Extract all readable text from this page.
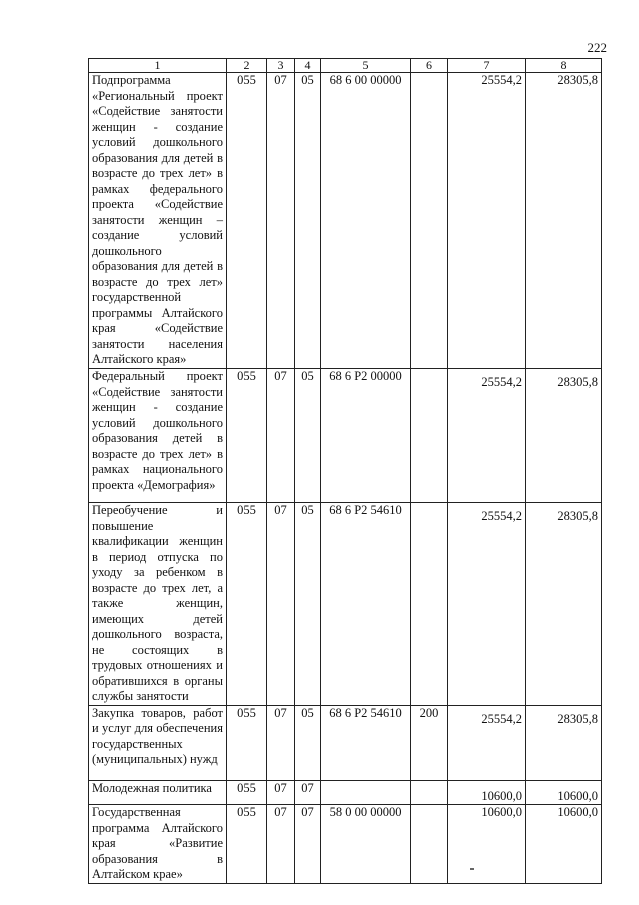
222
1	2	3	4	5	6	7	8
Подпрограмма «Региональный проект «Содействие занятости женщин - создание условий дошкольного образования для детей в возрасте до трех лет» в рамках федерального проекта «Содействие занятости женщин – создание условий дошкольного образования для детей в возрасте до трех лет» государственной программы Алтайского края «Содействие занятости населения Алтайского края»	055	07	05	68 6 00 00000		25554,2	28305,8
Федеральный проект «Содействие занятости женщин - создание условий дошкольного образования детей в возрасте до трех лет» в рамках национального проекта «Демография»	055	07	05	68 6 P2 00000		25554,2	28305,8
Переобучение и повышение квалификации женщин в период отпуска по уходу за ребенком в возрасте до трех лет, а также женщин, имеющих детей дошкольного возраста, не состоящих в трудовых отношениях и обратившихся в органы службы занятости	055	07	05	68 6 P2 54610		25554,2	28305,8
Закупка товаров, работ и услуг для обеспечения государственных (муниципальных) нужд	055	07	05	68 6 P2 54610	200	25554,2	28305,8
Молодежная политика	055	07	07			10600,0	10600,0
Государственная программа Алтайского края «Развитие образования в Алтайском крае»	055	07	07	58 0 00 00000		10600,0	10600,0
